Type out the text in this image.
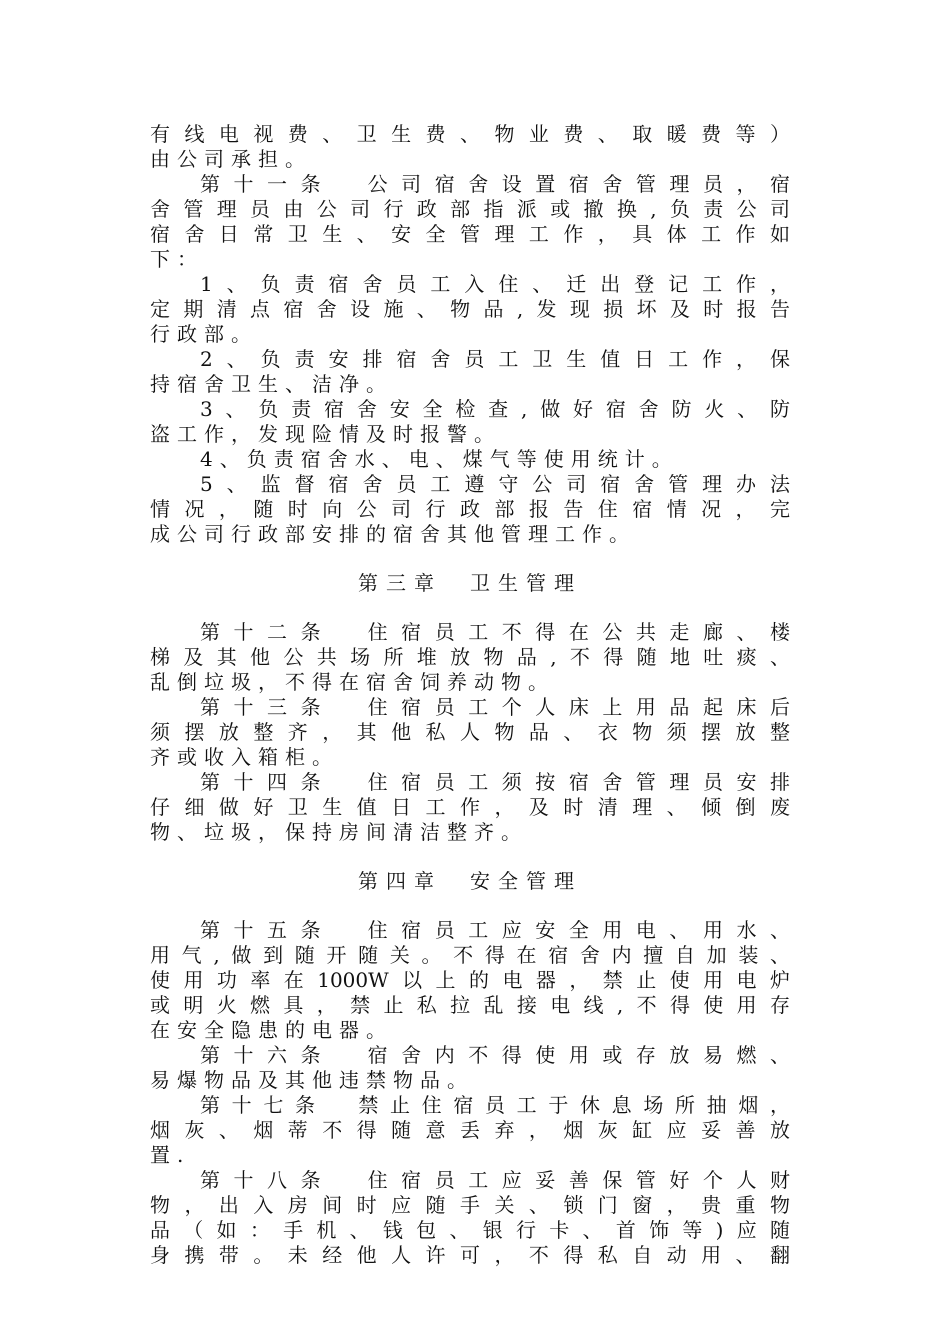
有线电视费、卫生费、物业费、取暖费等）
由公司承担。
第十一条　公司宿舍设置宿舍管理员，宿
舍管理员由公司行政部指派或撤换,负责公司
宿舍日常卫生、安全管理工作，具体工作如
下：
1、负责宿舍员工入住、迁出登记工作，
定期清点宿舍设施、物品,发现损坏及时报告
行政部。
2、负责安排宿舍员工卫生值日工作，保
持宿舍卫生、洁净。
3、负责宿舍安全检查,做好宿舍防火、防
盗工作，发现险情及时报警。
4、负责宿舍水、电、煤气等使用统计。
5、监督宿舍员工遵守公司宿舍管理办法
情况，随时向公司行政部报告住宿情况，完
成公司行政部安排的宿舍其他管理工作。
第三章　卫生管理
第十二条　住宿员工不得在公共走廊、楼
梯及其他公共场所堆放物品,不得随地吐痰、
乱倒垃圾，不得在宿舍饲养动物。
第十三条　住宿员工个人床上用品起床后
须摆放整齐，其他私人物品、衣物须摆放整
齐或收入箱柜。
第十四条　住宿员工须按宿舍管理员安排
仔细做好卫生值日工作，及时清理、倾倒废
物、垃圾，保持房间清洁整齐。
第四章　安全管理
第十五条　住宿员工应安全用电、用水、
用气,做到随开随关。不得在宿舍内擅自加装、
使用功率在1000W以上的电器，禁止使用电炉
或明火燃具，禁止私拉乱接电线,不得使用存
在安全隐患的电器。
第十六条　宿舍内不得使用或存放易燃、
易爆物品及其他违禁物品。
第十七条　禁止住宿员工于休息场所抽烟，
烟灰、烟蒂不得随意丢弃，烟灰缸应妥善放
置.
第十八条　住宿员工应妥善保管好个人财
物，出入房间时应随手关、锁门窗，贵重物
品（如：手机、钱包、银行卡、首饰等)应随
身携带。未经他人许可，不得私自动用、翻
